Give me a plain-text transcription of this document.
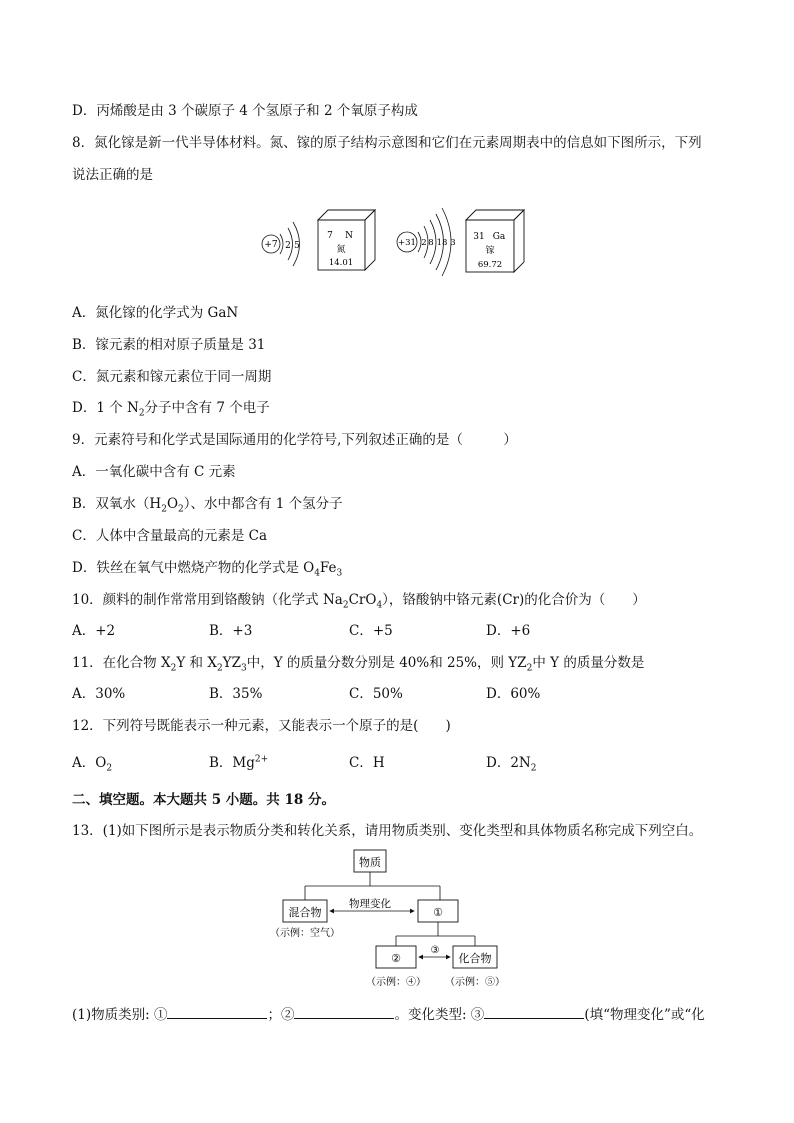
D．丙烯酸是由 3 个碳原子 4 个氢原子和 2 个氧原子构成
8．氮化镓是新一代半导体材料。氮、镓的原子结构示意图和它们在元素周期表中的信息如下图所示，下列
说法正确的是
+7 2 5
7 N
氮
14.01
+31 2 8 18 3
31 Ga
镓
69.72
A．氮化镓的化学式为 GaN
B．镓元素的相对原子质量是 31
C．氮元素和镓元素位于同一周期
D．1 个 $N_2$分子中含有 7 个电子
9．元素符号和化学式是国际通用的化学符号,下列叙述正确的是（　　　）
A．一氧化碳中含有 C 元素
B．双氧水$(H_2O_2)$、水中都含有 1 个氢分子
C．人体中含量最高的元素是 Ca
D．铁丝在氧气中燃烧产物的化学式是 $O_4Fe_3$
10．颜料的制作常常用到铬酸钠（化学式 $Na_2CrO_4$），铬酸钠中铬元素(Cr)的化合价为（　　）
A．+2	B．+3	C．+5	D．+6
11．在化合物 $X_2Y$ 和 $X_2YZ_3$中，Y 的质量分数分别是 40%和 25%，则 $YZ_2$中 Y 的质量分数是
A．30%	B．35%	C．50%	D．60%
12．下列符号既能表示一种元素，又能表示一个原子的是(　　)
A．$O_2$	B．$Mg^{2+}$	C．H	D．$2N_2$
二、填空题。本大题共 5 小题。共 18 分。
13．(1)如下图所示是表示物质分类和转化关系，请用物质类别、变化类型和具体物质名称完成下列空白。
物质
混合物
物理变化
①
（示例：空气）
②
③
化合物
（示例：④） （示例：⑤）
(1)物质类别: ①	；②	。变化类型: ③	(填“物理变化”或“化
